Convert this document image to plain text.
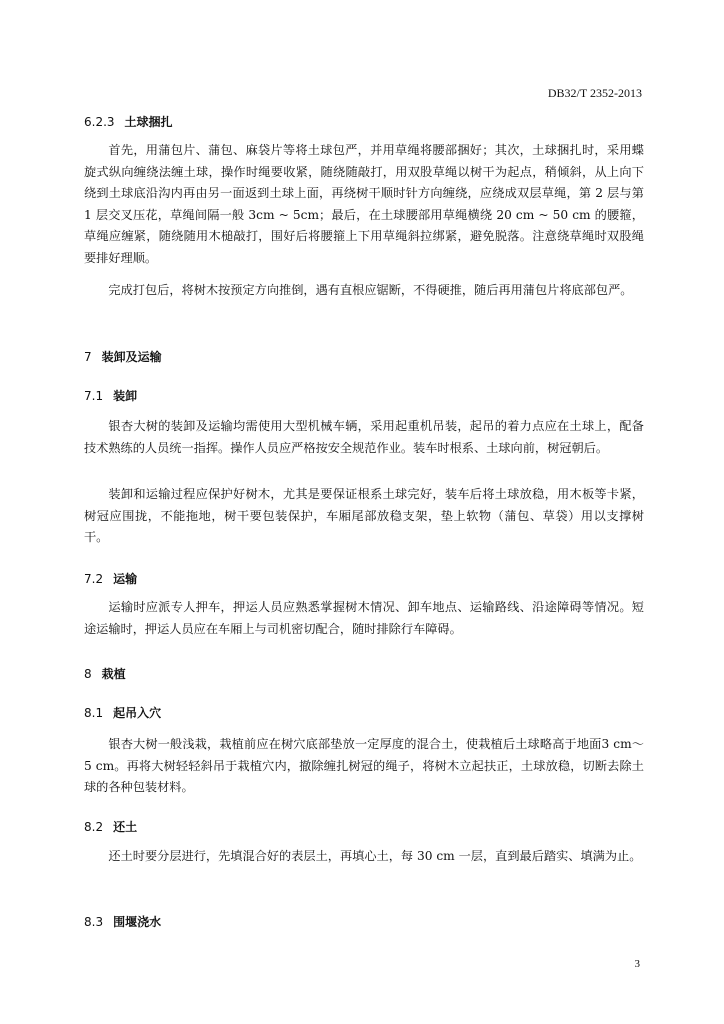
DB32/T 2352-2013
6.2.3 土球捆扎

首先，用蒲包片、蒲包、麻袋片等将土球包严，并用草绳将腰部捆好；其次，土球捆扎时，采用蝶旋式纵向缠绕法缠土球，操作时绳要收紧，随绕随敲打，用双股草绳以树干为起点，稍倾斜，从上向下绕到土球底沿沟内再由另一面返到土球上面，再绕树干顺时针方向缠绕，应绕成双层草绳，第 2 层与第 1 层交叉压花，草绳间隔一般 3cm ~ 5cm；最后，在土球腰部用草绳横绕 20 cm ~ 50 cm 的腰箍，草绳应缠紧，随绕随用木槌敲打，围好后将腰箍上下用草绳斜拉绑紧，避免脱落。注意绕草绳时双股绳要排好理顺。

完成打包后，将树木按预定方向推倒，遇有直根应锯断，不得硬推，随后再用蒲包片将底部包严。

7 装卸及运输
7.1 装卸

银杏大树的装卸及运输均需使用大型机械车辆，采用起重机吊装，起吊的着力点应在土球上，配备技术熟练的人员统一指挥。操作人员应严格按安全规范作业。装车时根系、土球向前，树冠朝后。

装卸和运输过程应保护好树木，尤其是要保证根系土球完好，装车后将土球放稳，用木板等卡紧，树冠应围拢，不能拖地，树干要包装保护，车厢尾部放稳支架，垫上软物（蒲包、草袋）用以支撑树干。

7.2 运输

运输时应派专人押车，押运人员应熟悉掌握树木情况、卸车地点、运输路线、沿途障碍等情况。短途运输时，押运人员应在车厢上与司机密切配合，随时排除行车障碍。

8 栽植
8.1 起吊入穴

银杏大树一般浅栽，栽植前应在树穴底部垫放一定厚度的混合土，使栽植后土球略高于地面3 cm～5 cm。再将大树轻轻斜吊于栽植穴内，撤除缠扎树冠的绳子，将树木立起扶正，土球放稳，切断去除土球的各种包装材料。

8.2 还土

还土时要分层进行，先填混合好的表层土，再填心土，每 30 cm 一层，直到最后踏实、填满为止。

8.3 围堰浇水
3
